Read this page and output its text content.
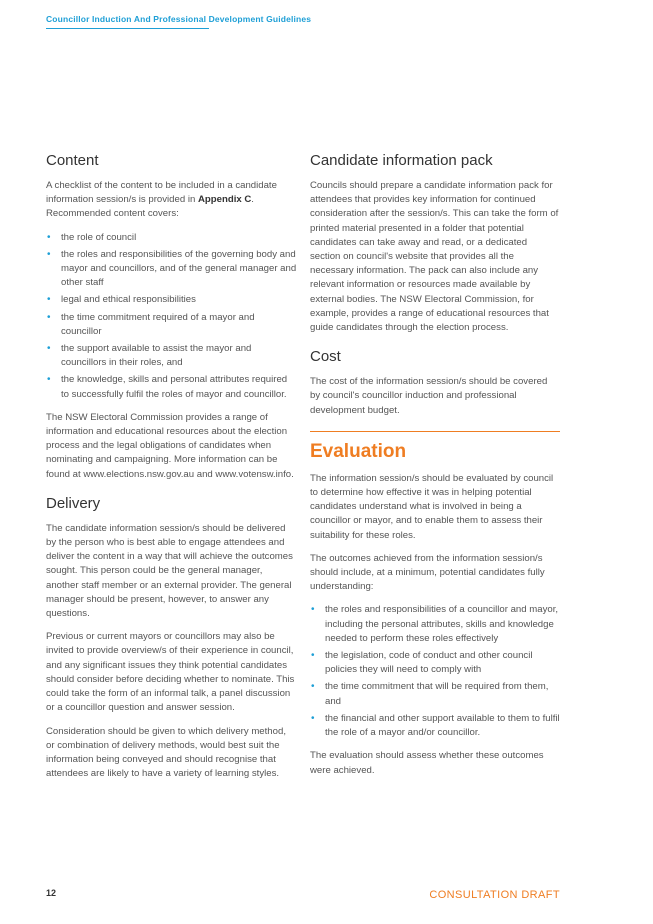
Councillor Induction And Professional Development Guidelines
Content

A checklist of the content to be included in a candidate information session/s is provided in Appendix C. Recommended content covers:

• the role of council
• the roles and responsibilities of the governing body and mayor and councillors, and of the general manager and other staff
• legal and ethical responsibilities
• the time commitment required of a mayor and councillor
• the support available to assist the mayor and councillors in their roles, and
• the knowledge, skills and personal attributes required to successfully fulfil the roles of mayor and councillor.

The NSW Electoral Commission provides a range of information and educational resources about the election process and the legal obligations of candidates when nominating and campaigning. More information can be found at www.elections.nsw.gov.au and www.votensw.info.

Delivery

The candidate information session/s should be delivered by the person who is best able to engage attendees and deliver the content in a way that will achieve the outcomes sought. This person could be the general manager, another staff member or an external provider. The general manager should be present, however, to answer any questions.

Previous or current mayors or councillors may also be invited to provide overview/s of their experience in council, and any significant issues they think potential candidates should consider before deciding whether to nominate. This could take the form of an informal talk, a panel discussion or a councillor question and answer session.

Consideration should be given to which delivery method, or combination of delivery methods, would best suit the information being conveyed and should recognise that attendees are likely to have a variety of learning styles.

Candidate information pack

Councils should prepare a candidate information pack for attendees that provides key information for continued consideration after the session/s. This can take the form of printed material presented in a folder that potential candidates can take away and read, or a dedicated section on council's website that provides all the necessary information. The pack can also include any relevant information or resources made available by external bodies. The NSW Electoral Commission, for example, provides a range of educational resources that guide candidates through the election process.

Cost

The cost of the information session/s should be covered by council's councillor induction and professional development budget.

Evaluation

The information session/s should be evaluated by council to determine how effective it was in helping potential candidates understand what is involved in being a councillor or mayor, and to enable them to assess their suitability for these roles.

The outcomes achieved from the information session/s should include, at a minimum, potential candidates fully understanding:

• the roles and responsibilities of a councillor and mayor, including the personal attributes, skills and knowledge needed to perform these roles effectively
• the legislation, code of conduct and other council policies they will need to comply with
• the time commitment that will be required from them, and
• the financial and other support available to them to fulfil the role of a mayor and/or councillor.

The evaluation should assess whether these outcomes were achieved.

12	CONSULTATION DRAFT
